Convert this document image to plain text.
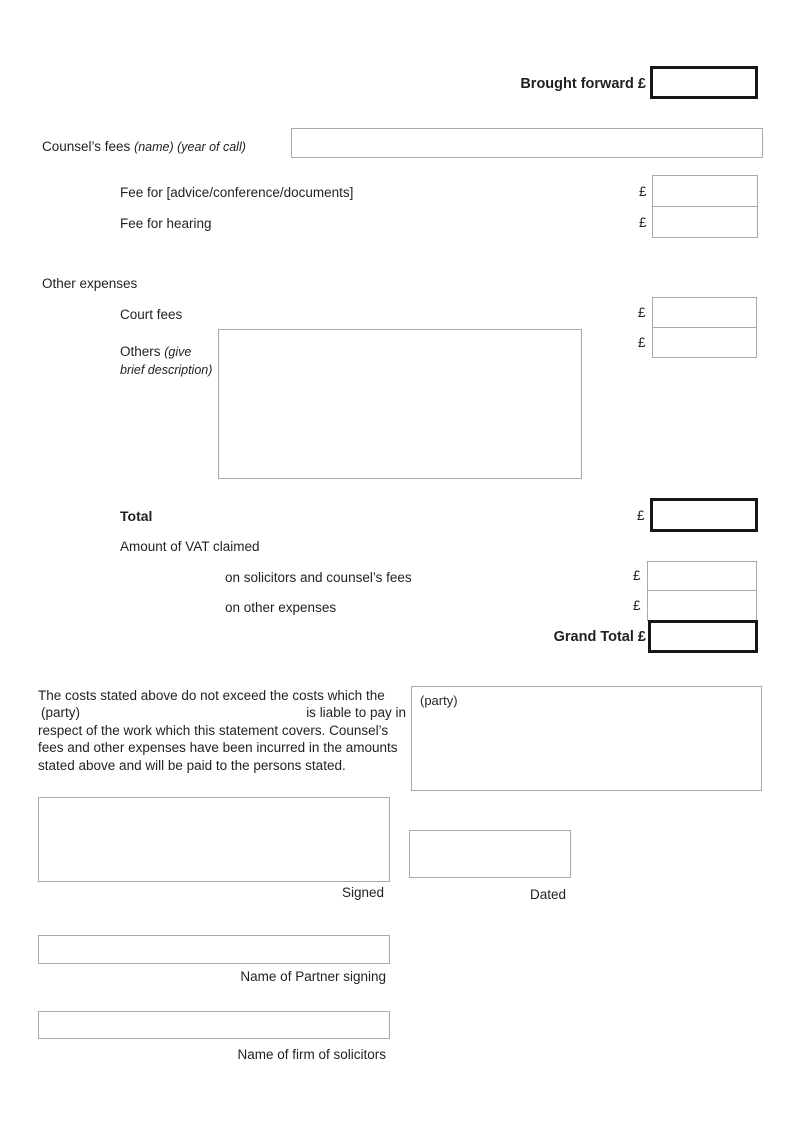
Brought forward £
Counsel’s fees (name) (year of call)
Fee for [advice/conference/documents]	£
Fee for hearing	£
Other expenses
Court fees	£
Others (give
brief description)
£
Total	£
Amount of VAT claimed
on solicitors and counsel’s fees	£
on other expenses	£
Grand Total £
The costs stated above do not exceed the costs which the
(party)	is liable to pay in
respect of the work which this statement covers. Counsel’s
fees and other expenses have been incurred in the amounts
stated above and will be paid to the persons stated.
(party)
Signed	Dated
Name of Partner signing
Name of firm of solicitors
